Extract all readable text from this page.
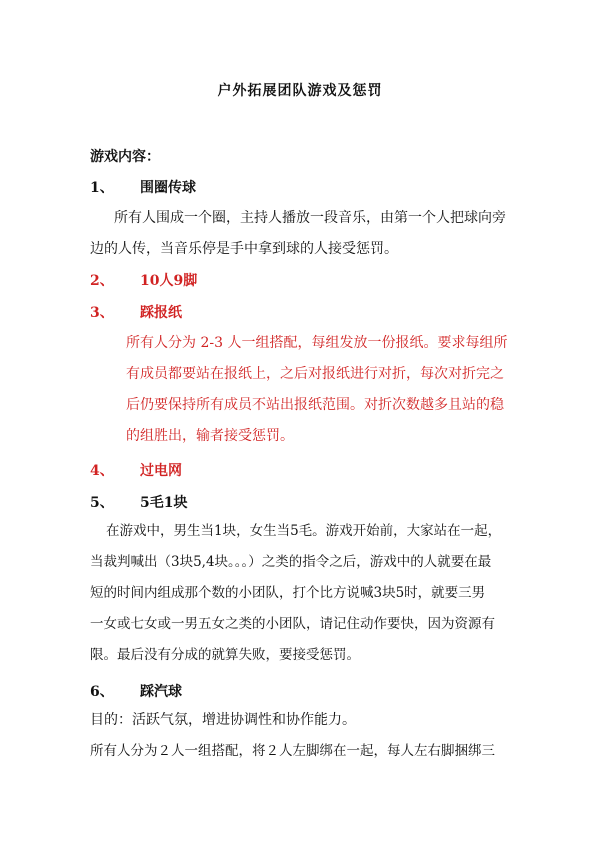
户外拓展团队游戏及惩罚
游戏内容：
1、 围圈传球
所有人围成一个圈，主持人播放一段音乐，由第一个人把球向旁
边的人传，当音乐停是手中拿到球的人接受惩罚。
2、 10人9脚
3、 踩报纸
所有人分为 2-3 人一组搭配，每组发放一份报纸。要求每组所
有成员都要站在报纸上，之后对报纸进行对折，每次对折完之
后仍要保持所有成员不站出报纸范围。对折次数越多且站的稳
的组胜出，输者接受惩罚。
4、 过电网
5、 5毛1块
在游戏中，男生当1块，女生当5毛。游戏开始前，大家站在一起，
当裁判喊出（3块5,4块。。。）之类的指令之后，游戏中的人就要在最
短的时间内组成那个数的小团队，打个比方说喊3块5时，就要三男
一女或七女或一男五女之类的小团队，请记住动作要快，因为资源有
限。最后没有分成的就算失败，要接受惩罚。
6、 踩汽球
目的：活跃气氛，增进协调性和协作能力。
所有人分为２人一组搭配，将２人左脚绑在一起，每人左右脚捆绑三
